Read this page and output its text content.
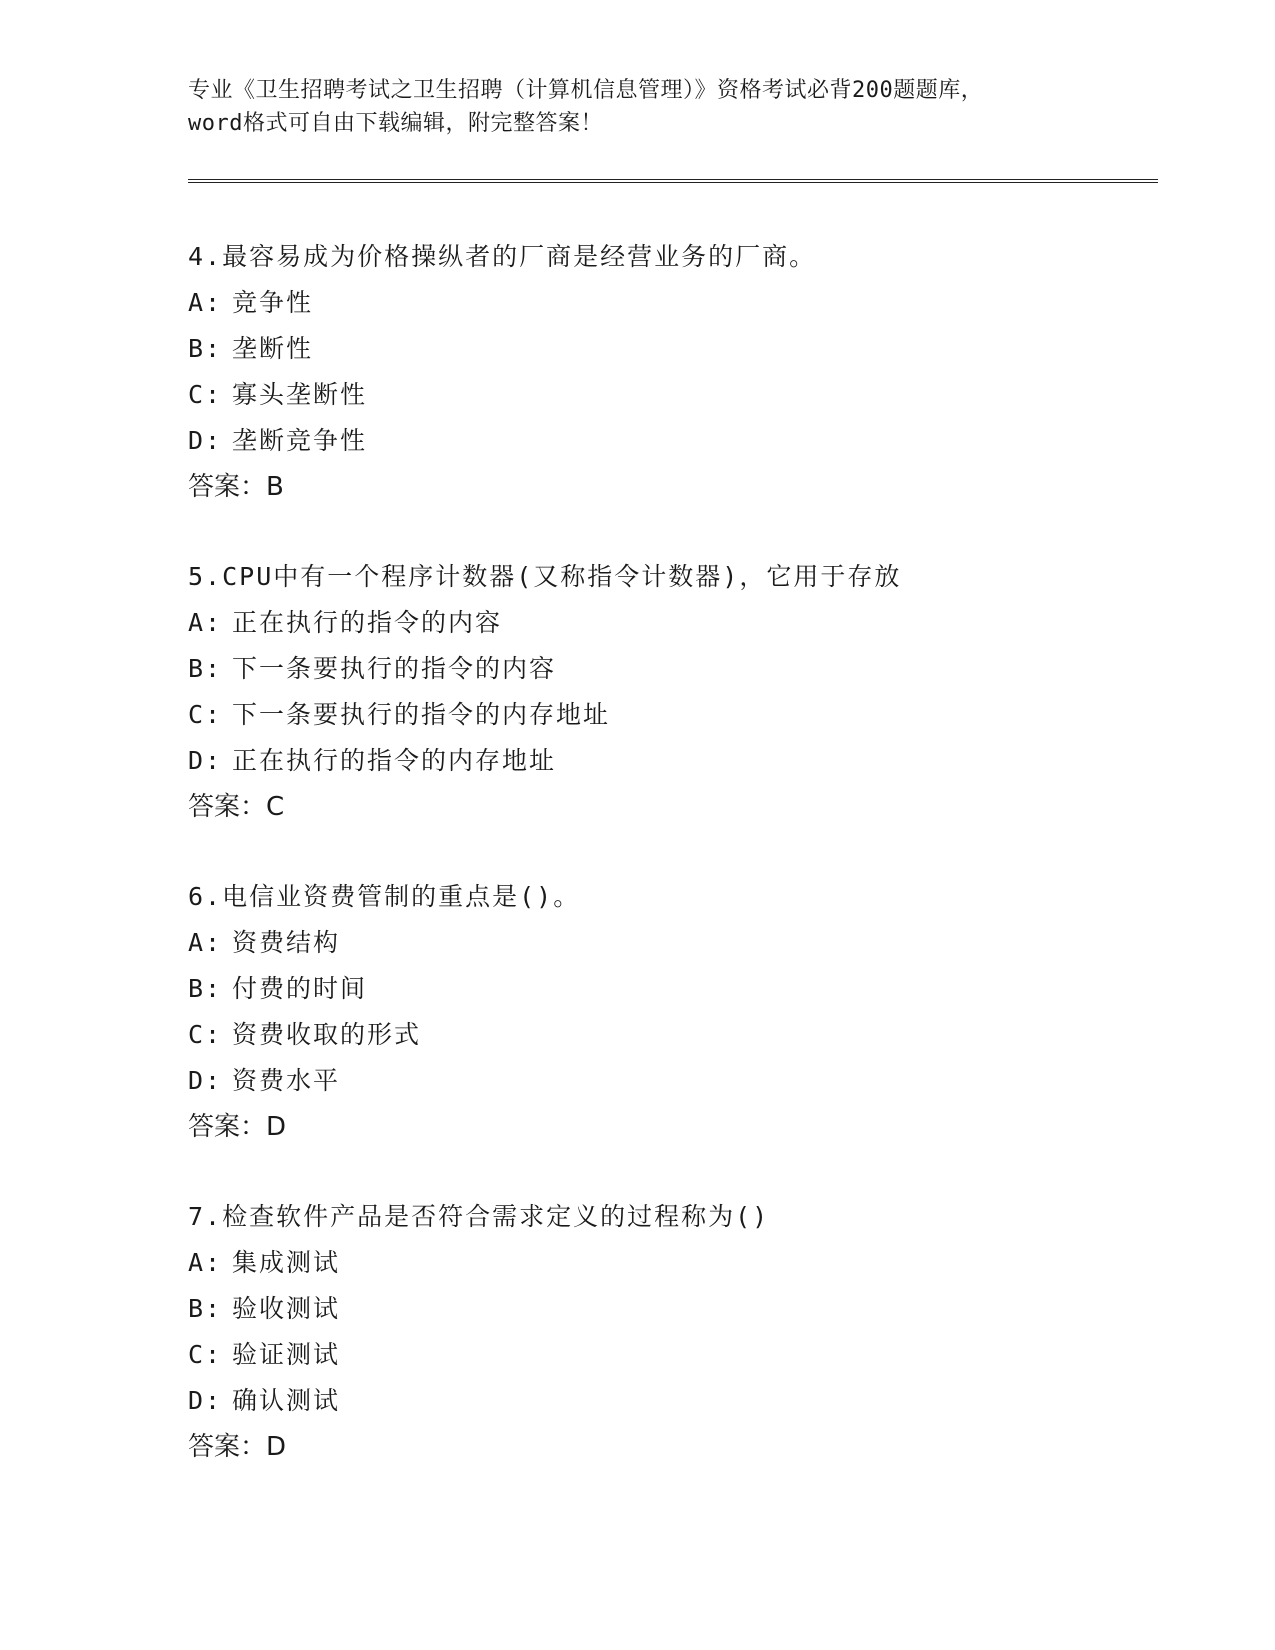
专业《卫生招聘考试之卫生招聘（计算机信息管理）》资格考试必背200题题库，
word格式可自由下载编辑，附完整答案！
4.最容易成为价格操纵者的厂商是经营业务的厂商。
A: 竞争性
B: 垄断性
C: 寡头垄断性
D: 垄断竞争性
答案：B
5.CPU中有一个程序计数器(又称指令计数器)，它用于存放
A: 正在执行的指令的内容
B: 下一条要执行的指令的内容
C: 下一条要执行的指令的内存地址
D: 正在执行的指令的内存地址
答案：C
6.电信业资费管制的重点是()。
A: 资费结构
B: 付费的时间
C: 资费收取的形式
D: 资费水平
答案：D
7.检查软件产品是否符合需求定义的过程称为()
A: 集成测试
B: 验收测试
C: 验证测试
D: 确认测试
答案：D
